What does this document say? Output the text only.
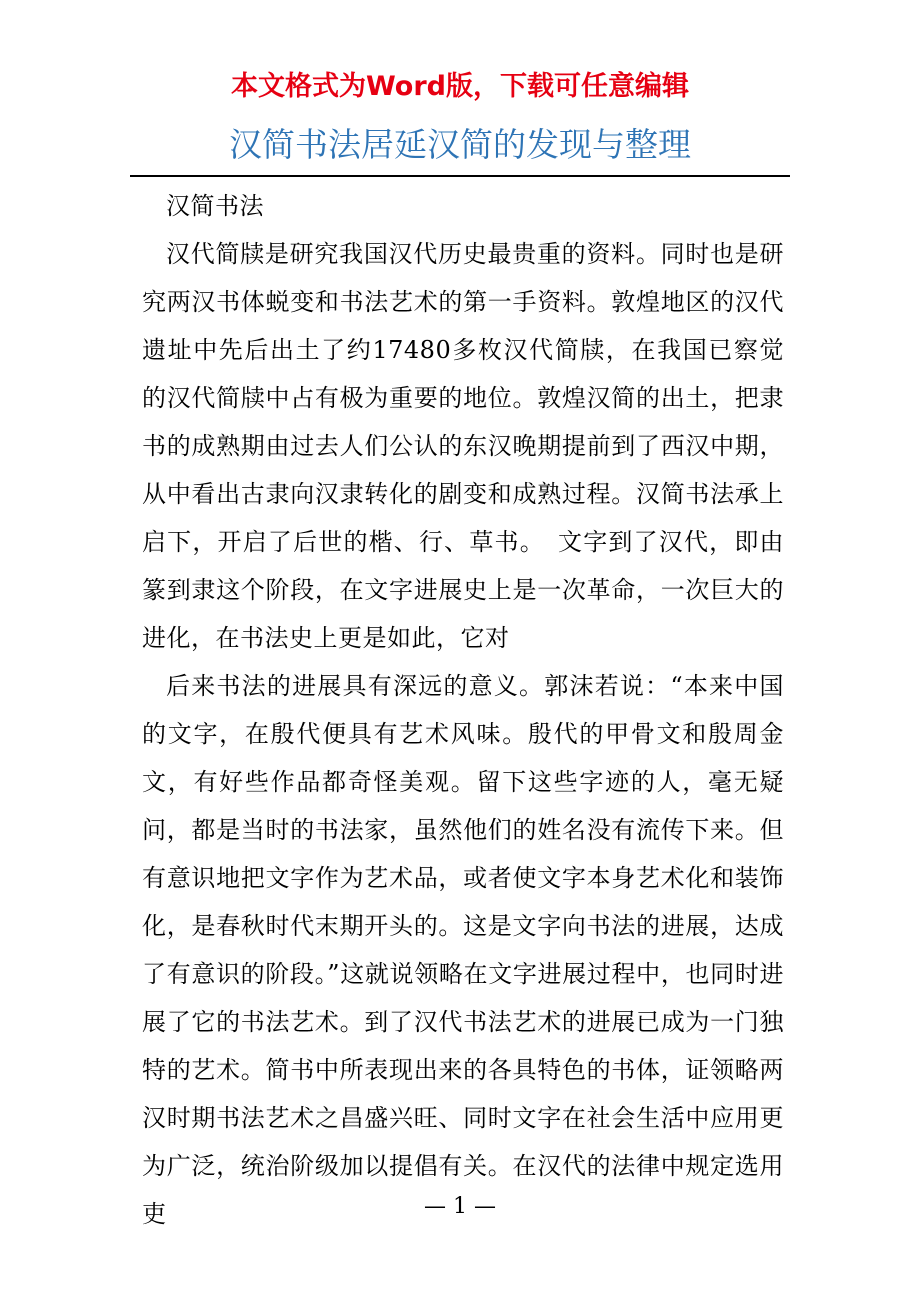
本文格式为Word版，下载可任意编辑
汉简书法居延汉简的发现与整理

汉简书法

汉代简牍是研究我国汉代历史最贵重的资料。同时也是研究两汉书体蜕变和书法艺术的第一手资料。敦煌地区的汉代遗址中先后出土了约17480多枚汉代简牍，在我国已察觉的汉代简牍中占有极为重要的地位。敦煌汉简的出土，把隶书的成熟期由过去人们公认的东汉晚期提前到了西汉中期，从中看出古隶向汉隶转化的剧变和成熟过程。汉简书法承上启下，开启了后世的楷、行、草书。　文字到了汉代，即由篆到隶这个阶段，在文字进展史上是一次革命，一次巨大的进化，在书法史上更是如此，它对

后来书法的进展具有深远的意义。郭沫若说：“本来中国的文字，在殷代便具有艺术风味。殷代的甲骨文和殷周金文，有好些作品都奇怪美观。留下这些字迹的人，毫无疑问，都是当时的书法家，虽然他们的姓名没有流传下来。但有意识地把文字作为艺术品，或者使文字本身艺术化和装饰化，是春秋时代末期开头的。这是文字向书法的进展，达成了有意识的阶段。”这就说领略在文字进展过程中，也同时进展了它的书法艺术。到了汉代书法艺术的进展已成为一门独特的艺术。简书中所表现出来的各具特色的书体，证领略两汉时期书法艺术之昌盛兴旺、同时文字在社会生活中应用更为广泛，统治阶级加以提倡有关。在汉代的法律中规定选用吏	— 1 —
